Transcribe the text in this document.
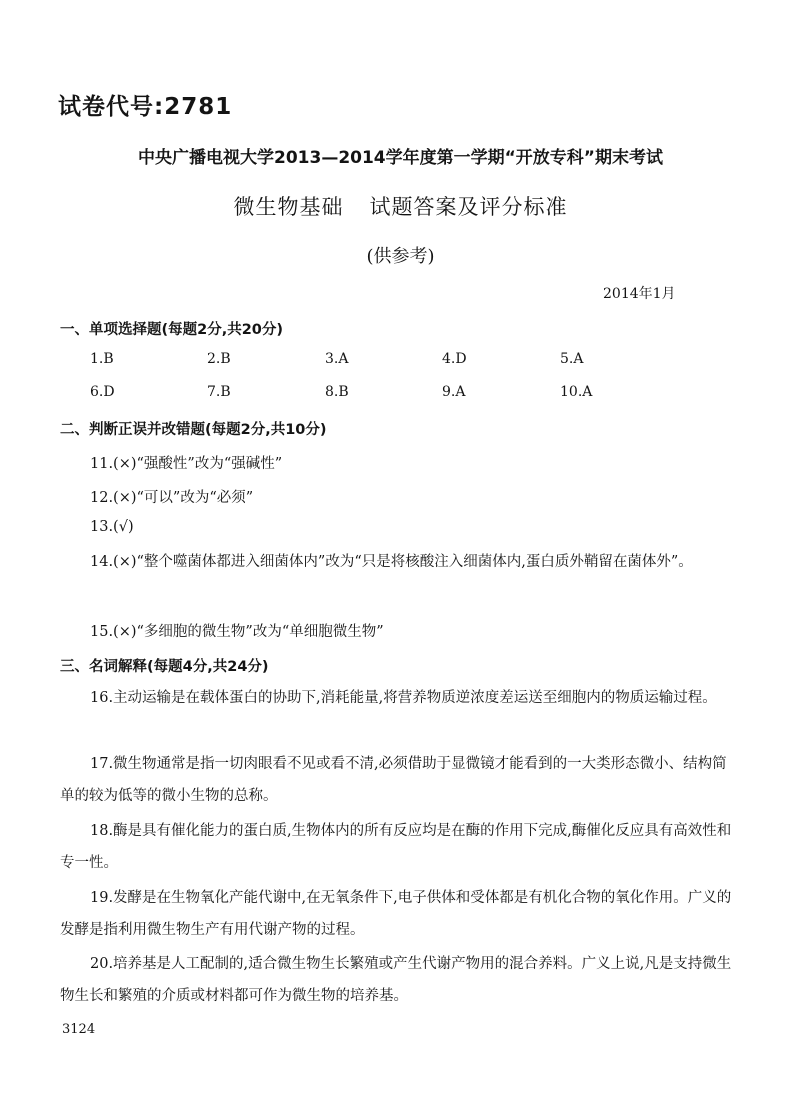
试卷代号:2781
中央广播电视大学2013—2014学年度第一学期“开放专科”期末考试
微生物基础 试题答案及评分标准
(供参考)
2014年1月
一、单项选择题(每题2分,共20分)
1.B	2.B	3.A	4.D	5.A
6.D	7.B	8.B	9.A	10.A
二、判断正误并改错题(每题2分,共10分)
11.(×)“强酸性”改为“强碱性”
12.(×)“可以”改为“必须”
13.(√)
14.(×)“整个噬菌体都进入细菌体内”改为“只是将核酸注入细菌体内,蛋白质外鞘留在菌体外”。
15.(×)“多细胞的微生物”改为“单细胞微生物”
三、名词解释(每题4分,共24分)
16.主动运输是在载体蛋白的协助下,消耗能量,将营养物质逆浓度差运送至细胞内的物质运输过程。
17.微生物通常是指一切肉眼看不见或看不清,必须借助于显微镜才能看到的一大类形态微小、结构简单的较为低等的微小生物的总称。
18.酶是具有催化能力的蛋白质,生物体内的所有反应均是在酶的作用下完成,酶催化反应具有高效性和专一性。
19.发酵是在生物氧化产能代谢中,在无氧条件下,电子供体和受体都是有机化合物的氧化作用。广义的发酵是指利用微生物生产有用代谢产物的过程。
20.培养基是人工配制的,适合微生物生长繁殖或产生代谢产物用的混合养料。广义上说,凡是支持微生物生长和繁殖的介质或材料都可作为微生物的培养基。
3124
